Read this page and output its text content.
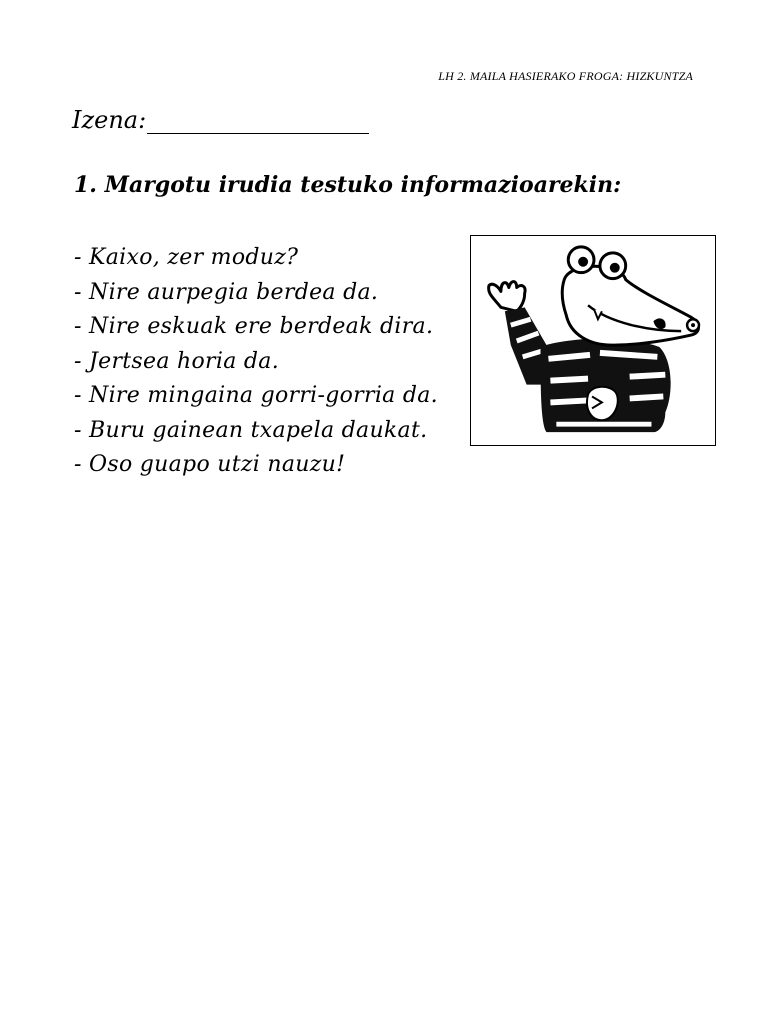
LH 2. MAILA HASIERAKO FROGA: HIZKUNTZA
Izena:
1. Margotu irudia testuko informazioarekin:
- Kaixo, zer moduz?
- Nire aurpegia berdea da.
- Nire eskuak ere berdeak dira.
- Jertsea horia da.
- Nire mingaina gorri-gorria da.
- Buru gainean txapela daukat.
- Oso guapo utzi nauzu!
